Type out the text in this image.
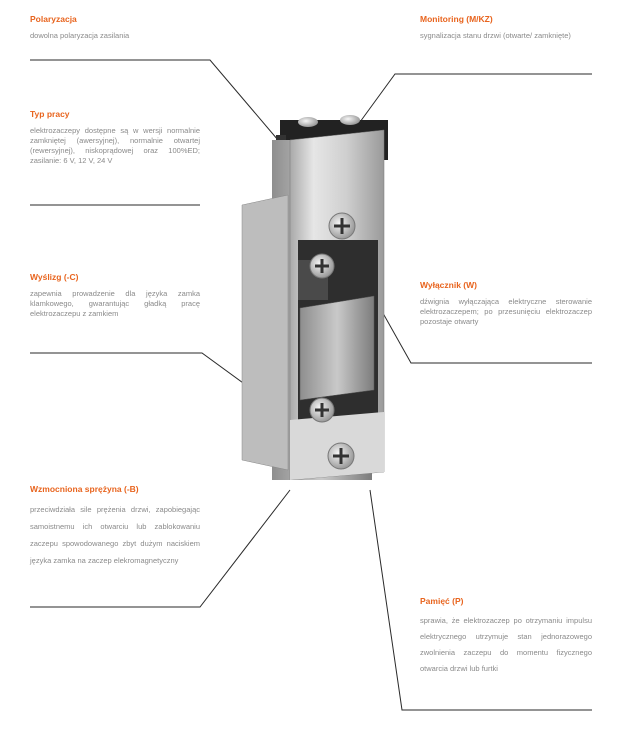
Polaryzacja
dowolna polaryzacja zasilania
Monitoring (M/KZ)
sygnalizacja stanu drzwi (otwarte/ zamknięte)
Typ pracy
elektrozaczepy dostępne są w wersji normalnie zamkniętej (awersyjnej), normalnie otwartej (rewersyjnej), niskoprądowej oraz 100%ED; zasilanie: 6 V, 12 V, 24 V
Wyślizg (-C)
zapewnia prowadzenie dla języka zamka klamkowego, gwarantując gładką pracę elektrozaczepu z zamkiem
Wyłącznik (W)
dźwignia wyłączająca elektryczne sterowanie elektrozaczepem; po przesunięciu elektrozaczep pozostaje otwarty
Wzmocniona sprężyna (-B)
przeciwdziała sile prężenia drzwi, zapobiegając samoistnemu ich otwarciu lub zablokowaniu zaczepu spowodowanego zbyt dużym naciskiem języka zamka na zaczep elekromagnetyczny
Pamięć (P)
sprawia, że elektrozaczep po otrzymaniu impulsu elektrycznego utrzymuje stan jednorazowego zwolnienia zaczepu do momentu fizycznego otwarcia drzwi lub furtki
